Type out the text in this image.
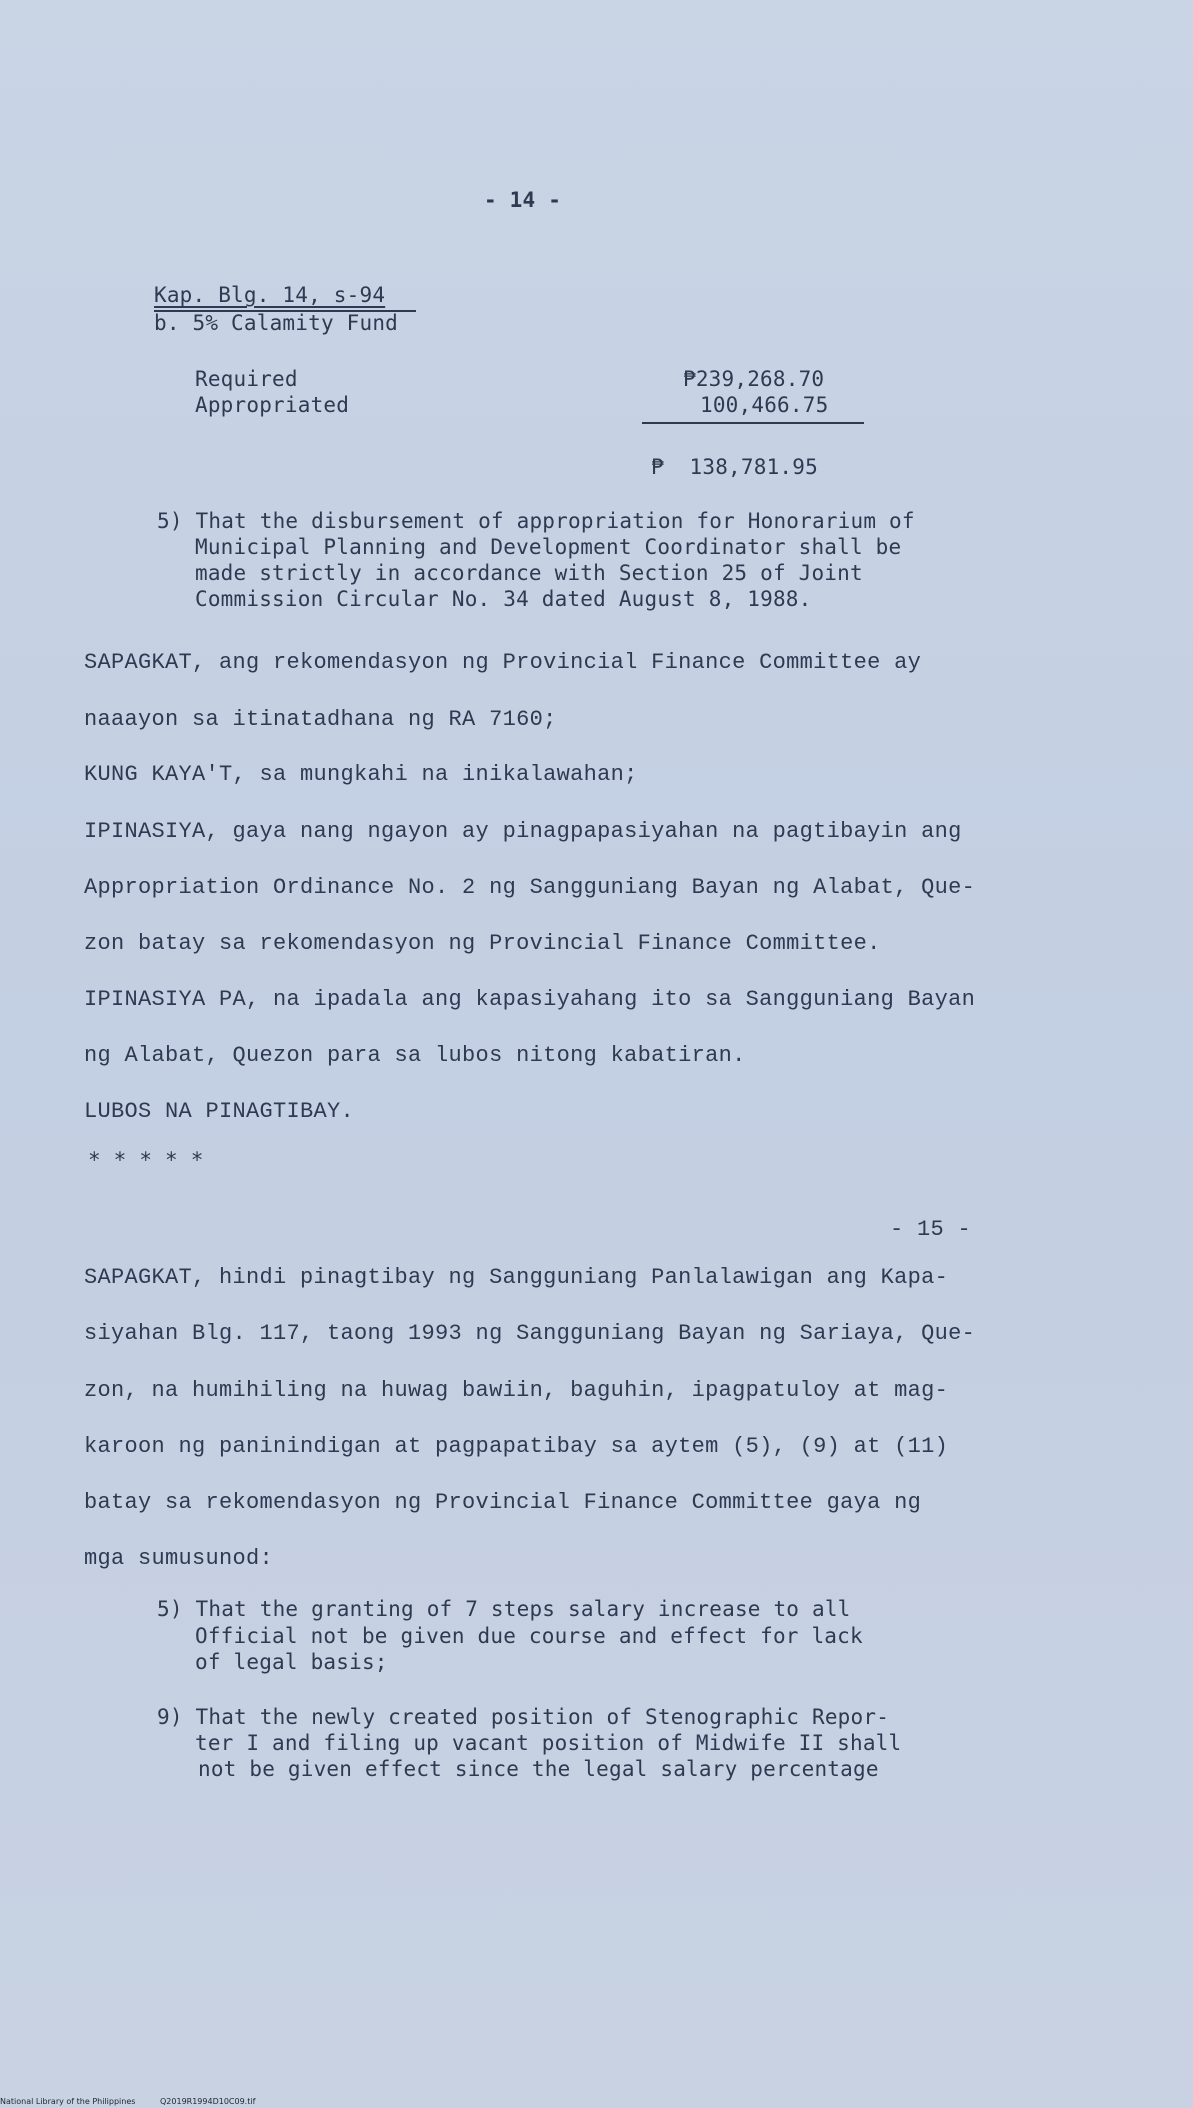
- 14 -
Kap. Blg. 14, s-94
b. 5% Calamity Fund
Required	₱239,268.70
Appropriated	100,466.75
₱  138,781.95
5) That the disbursement of appropriation for Honorarium of
Municipal Planning and Development Coordinator shall be
made strictly in accordance with Section 25 of Joint
Commission Circular No. 34 dated August 8, 1988.
SAPAGKAT, ang rekomendasyon ng Provincial Finance Committee ay
naaayon sa itinatadhana ng RA 7160;
KUNG KAYA'T, sa mungkahi na inikalawahan;
IPINASIYA, gaya nang ngayon ay pinagpapasiyahan na pagtibayin ang
Appropriation Ordinance No. 2 ng Sangguniang Bayan ng Alabat, Que-
zon batay sa rekomendasyon ng Provincial Finance Committee.
IPINASIYA PA, na ipadala ang kapasiyahang ito sa Sangguniang Bayan
ng Alabat, Quezon para sa lubos nitong kabatiran.
LUBOS NA PINAGTIBAY.
* * * * *
- 15 -
SAPAGKAT, hindi pinagtibay ng Sangguniang Panlalawigan ang Kapa-
siyahan Blg. 117, taong 1993 ng Sangguniang Bayan ng Sariaya, Que-
zon, na humihiling na huwag bawiin, baguhin, ipagpatuloy at mag-
karoon ng paninindigan at pagpapatibay sa aytem (5), (9) at (11)
batay sa rekomendasyon ng Provincial Finance Committee gaya ng
mga sumusunod:
5) That the granting of 7 steps salary increase to all
Official not be given due course and effect for lack
of legal basis;
9) That the newly created position of Stenographic Repor-
ter I and filing up vacant position of Midwife II shall
not be given effect since the legal salary percentage
National Library of the Philippines	Q2019R1994D10C09.tif
